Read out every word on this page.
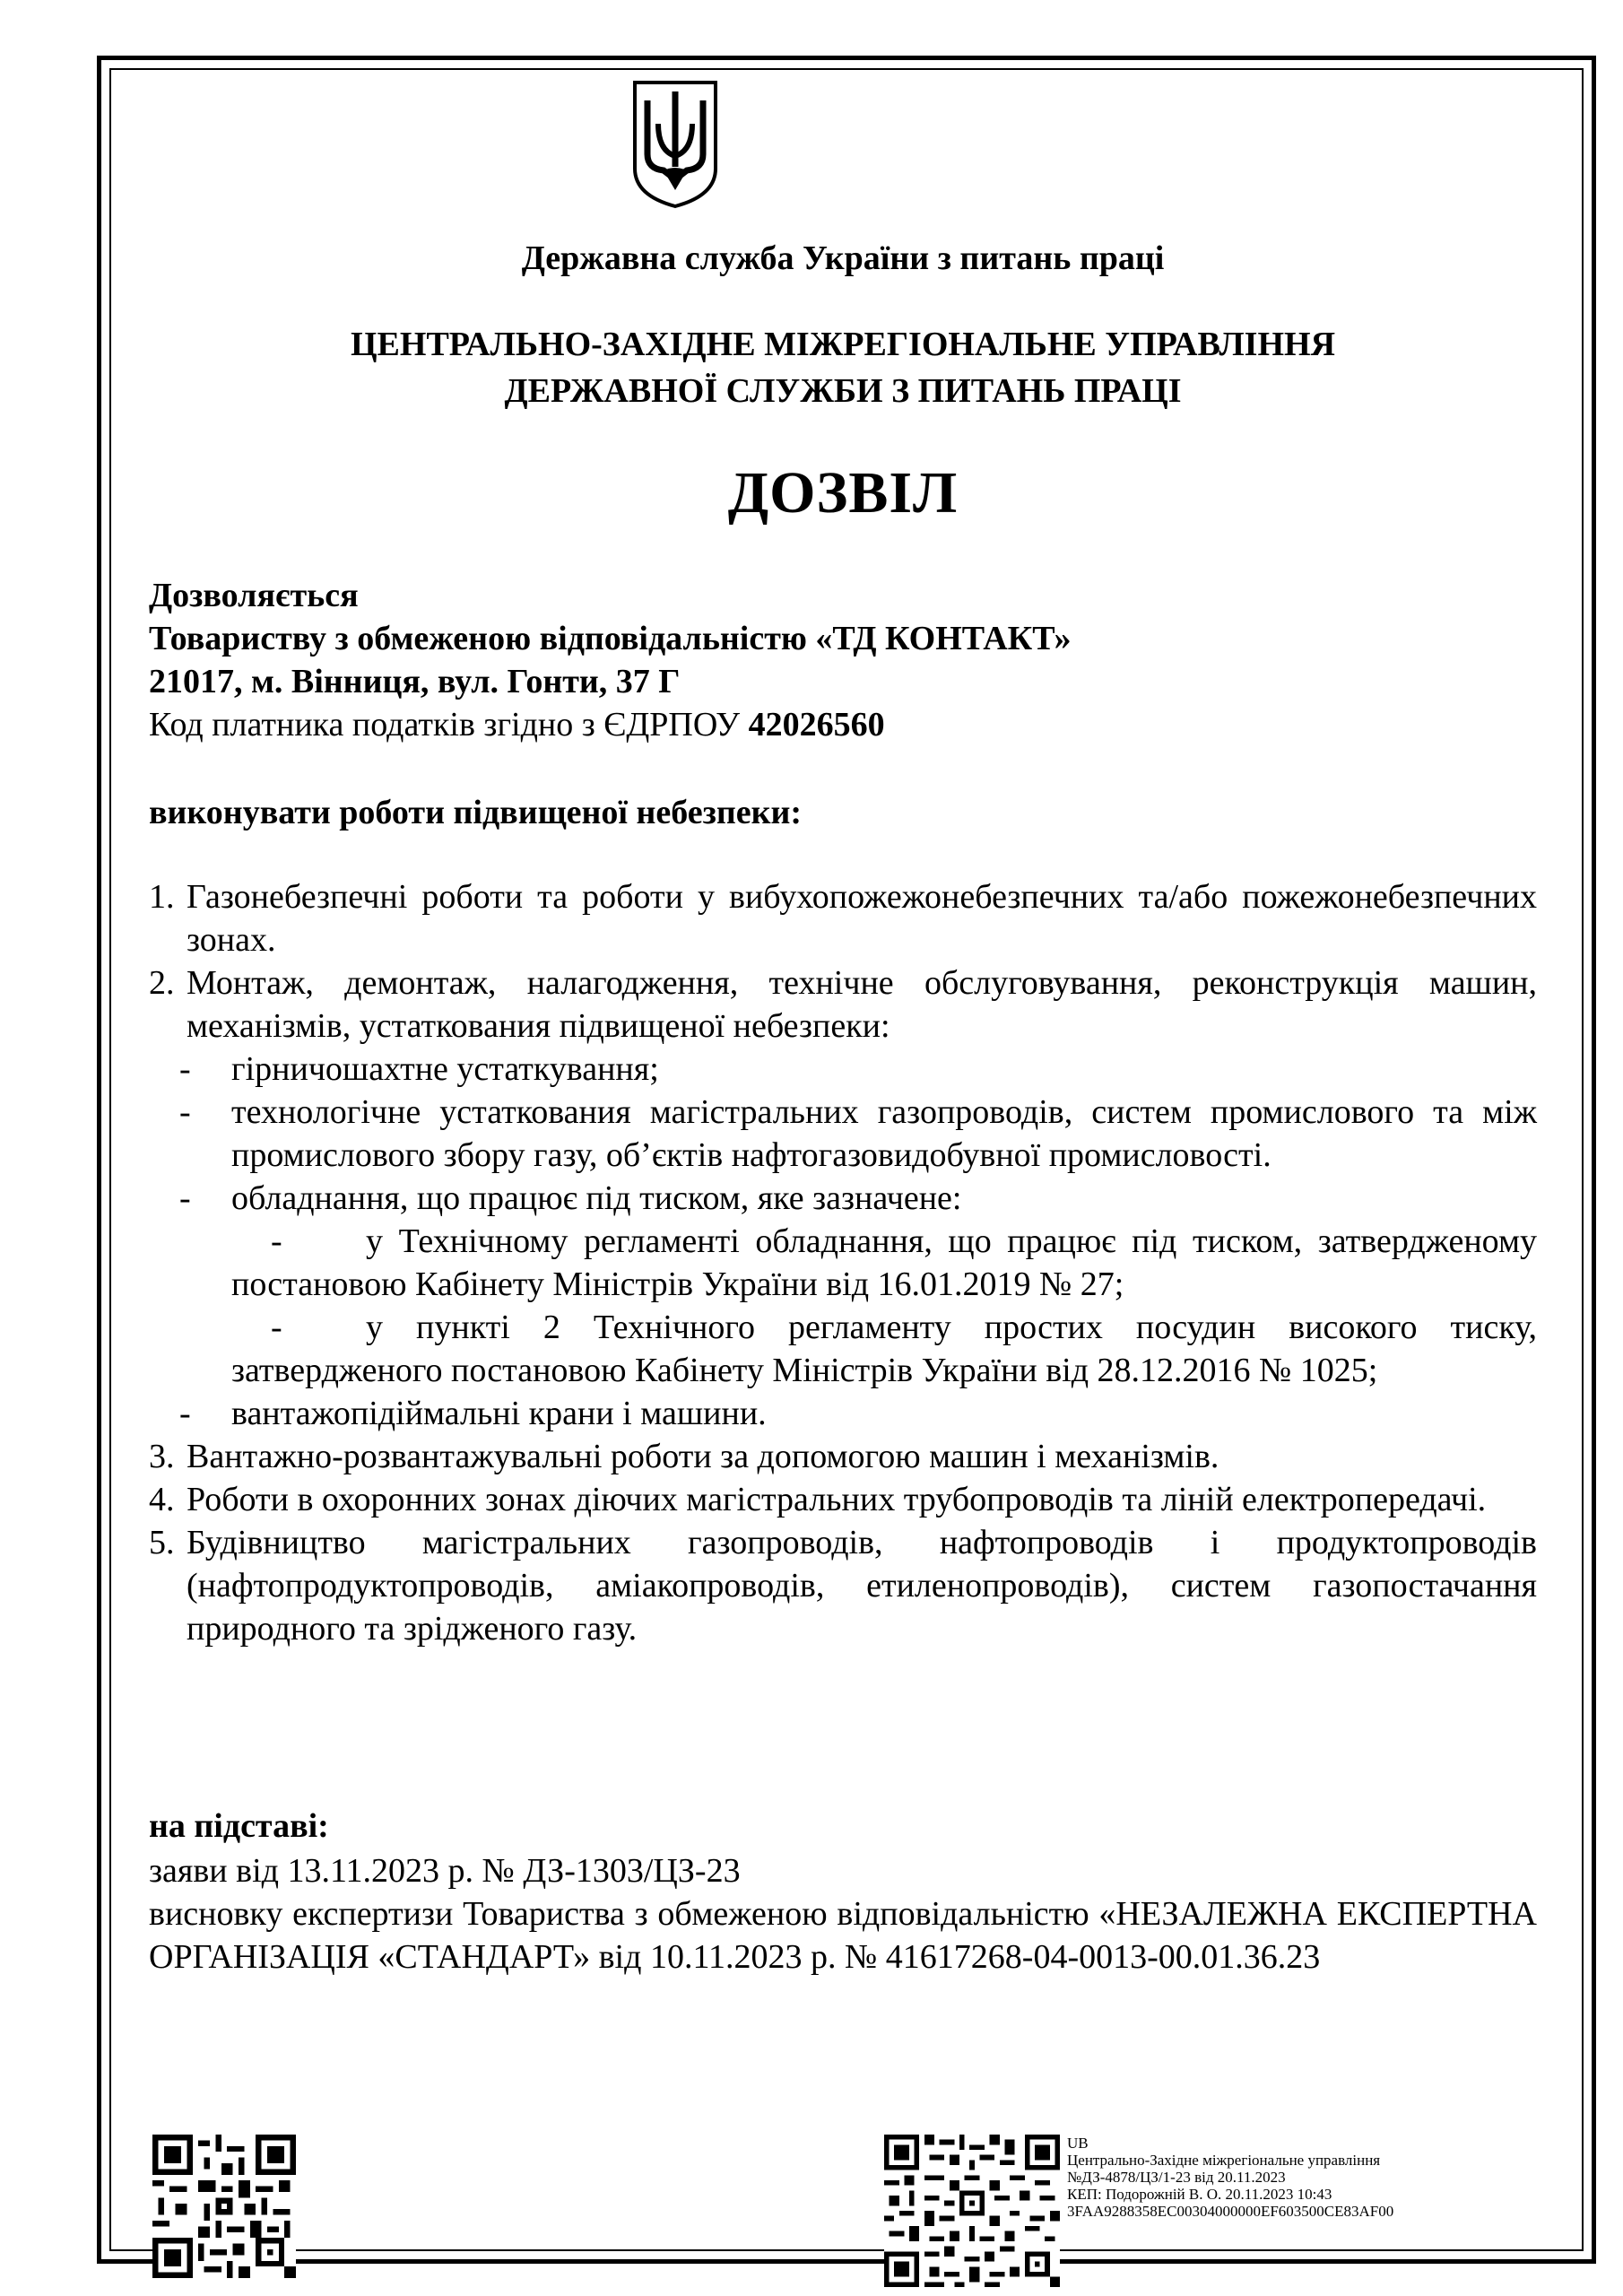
Державна служба України з питань праці
ЦЕНТРАЛЬНО-ЗАХІДНЕ МІЖРЕГІОНАЛЬНЕ УПРАВЛІННЯ
ДЕРЖАВНОЇ СЛУЖБИ З ПИТАНЬ ПРАЦІ
ДОЗВІЛ
Дозволяється
Товариству з обмеженою відповідальністю «ТД КОНТАКТ»
21017, м. Вінниця, вул. Гонти, 37 Г
Код платника податків згідно з ЄДРПОУ 42026560
виконувати роботи підвищеної небезпеки:
1. Газонебезпечні роботи та роботи у вибухопожежонебезпечних та/або пожежонебезпечних зонах.
2. Монтаж, демонтаж, налагодження, технічне обслуговування, реконструкція машин, механізмів, устаткования підвищеної небезпеки:
- гірничошахтне устаткування;
- технологічне устаткования магістральних газопроводів, систем промислового та між промислового збору газу, об’єктів нафтогазовидобувної промисловості.
- обладнання, що працює під тиском, яке зазначене:
- у Технічному регламенті обладнання, що працює під тиском, затвердженому постановою Кабінету Міністрів України від 16.01.2019 № 27;
- у пункті 2 Технічного регламенту простих посудин високого тиску, затвердженого постановою Кабінету Міністрів України від 28.12.2016 № 1025;
- вантажопідіймальні крани і машини.
3. Вантажно-розвантажувальні роботи за допомогою машин і механізмів.
4. Роботи в охоронних зонах діючих магістральних трубопроводів та ліній електропередачі.
5. Будівництво магістральних газопроводів, нафтопроводів і продуктопроводів (нафтопродуктопроводів, аміакопроводів, етиленопроводів), систем газопостачання природного та зрідженого газу.
на підставі:
заяви від 13.11.2023 р. № ДЗ-1303/ЦЗ-23
висновку експертизи Товариства з обмеженою відповідальністю «НЕЗАЛЕЖНА ЕКСПЕРТНА ОРГАНІЗАЦІЯ «СТАНДАРТ» від 10.11.2023 р. № 41617268-04-0013-00.01.36.23
UB
Центрально-Західне міжрегіональне управління
№ДЗ-4878/ЦЗ/1-23 від 20.11.2023
КЕП: Подорожній В. О. 20.11.2023 10:43
3FAA9288358EC00304000000EF603500CE83AF00
